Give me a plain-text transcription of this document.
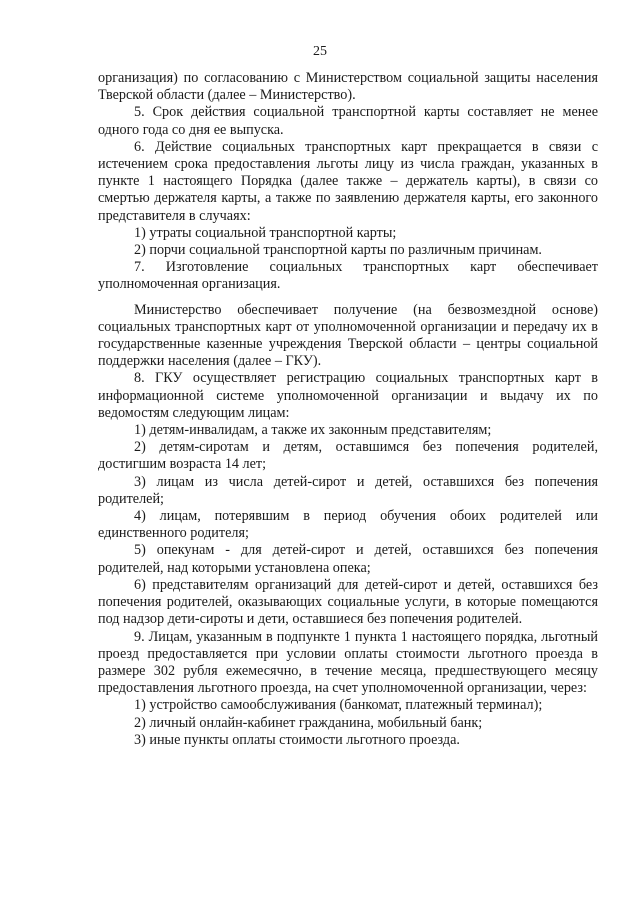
25

организация) по согласованию с Министерством социальной защиты населения Тверской области (далее – Министерство).

5. Срок действия социальной транспортной карты составляет не менее одного года со дня ее выпуска.

6. Действие социальных транспортных карт прекращается в связи с истечением срока предоставления льготы лицу из числа граждан, указанных в пункте 1 настоящего Порядка (далее также – держатель карты), в связи со смертью держателя карты, а также по заявлению держателя карты, его законного представителя в случаях:

1) утраты социальной транспортной карты;

2) порчи социальной транспортной карты по различным причинам.

7. Изготовление социальных транспортных карт обеспечивает уполномоченная организация.

Министерство обеспечивает получение (на безвозмездной основе) социальных транспортных карт от уполномоченной организации и передачу их в государственные казенные учреждения Тверской области – центры социальной поддержки населения (далее – ГКУ).

8. ГКУ осуществляет регистрацию социальных транспортных карт в информационной системе уполномоченной организации и выдачу их по ведомостям следующим лицам:

1) детям-инвалидам, а также их законным представителям;

2) детям-сиротам и детям, оставшимся без попечения родителей, достигшим возраста 14 лет;

3) лицам из числа детей-сирот и детей, оставшихся без попечения родителей;

4) лицам, потерявшим в период обучения обоих родителей или единственного родителя;

5) опекунам - для детей-сирот и детей, оставшихся без попечения родителей, над которыми установлена опека;

6) представителям организаций для детей-сирот и детей, оставшихся без попечения родителей, оказывающих социальные услуги, в которые помещаются под надзор дети-сироты и дети, оставшиеся без попечения родителей.

9. Лицам, указанным в подпункте 1 пункта 1 настоящего порядка, льготный проезд предоставляется при условии оплаты стоимости льготного проезда в размере 302 рубля ежемесячно, в течение месяца, предшествующего месяцу предоставления льготного проезда, на счет уполномоченной организации, через:

1) устройство самообслуживания (банкомат, платежный терминал);

2) личный онлайн-кабинет гражданина, мобильный банк;

3) иные пункты оплаты стоимости льготного проезда.
